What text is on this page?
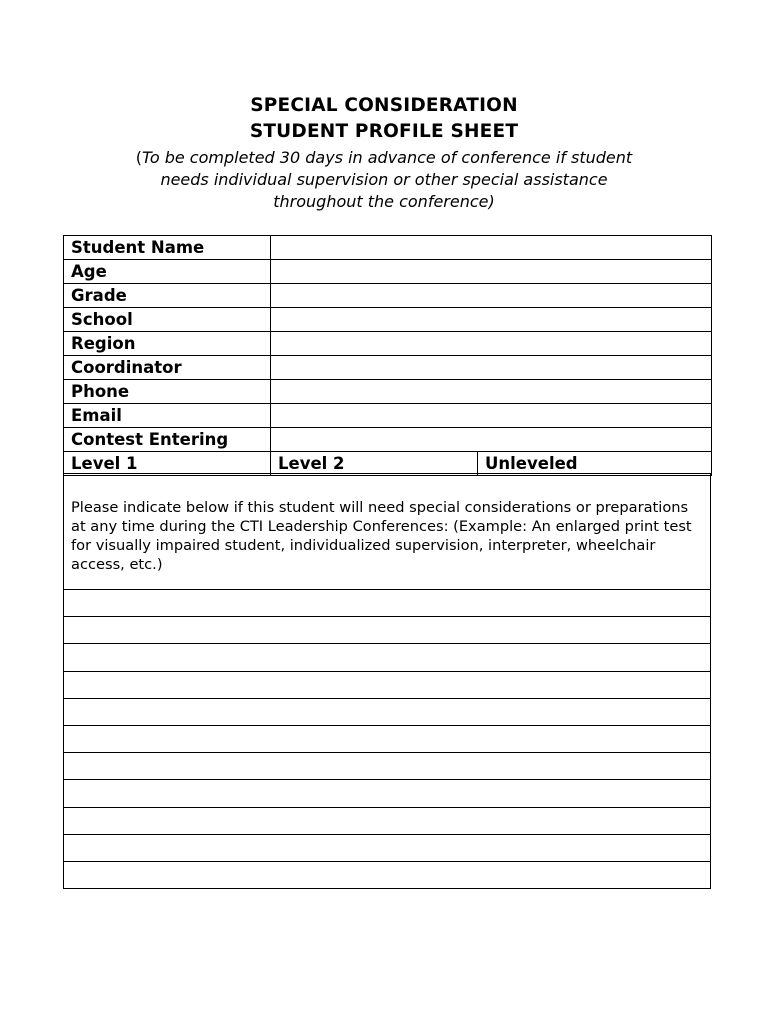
SPECIAL CONSIDERATION
STUDENT PROFILE SHEET
(To be completed 30 days in advance of conference if student
needs individual supervision or other special assistance
throughout the conference)
Student Name		
Age		
Grade		
School		
Region		
Coordinator		
Phone		
Email		
Contest Entering		
Level 1	Level 2	Unleveled
Please indicate below if this student will need special considerations or preparations at any time during the CTI Leadership Conferences: (Example: An enlarged print test for visually impaired student, individualized supervision, interpreter, wheelchair access, etc.)
